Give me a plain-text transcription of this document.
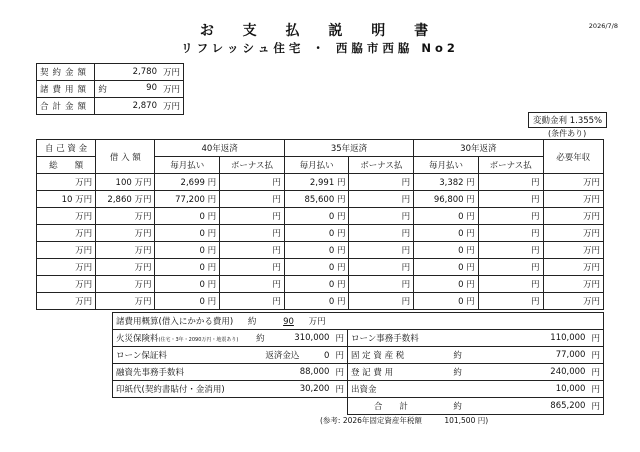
お 支 払 説 明 書
リフレッシュ住宅 ・ 西脇市西脇 No2
2026/7/8
契約金額	2,780	万円
諸費用額	約 90	万円
合計金額	2,870	万円
変動金利 1.355%
(条件あり)
自 己 資 金	借 入 額	40年返済		35年返済		30年返済		必要年収
総　　額		毎月払い	ボーナス払	毎月払い	ボーナス払	毎月払い	ボーナス払	
万円	100 万円	2,699 円	円	2,991 円	円	3,382 円	円	万円
10 万円	2,860 万円	77,200 円	円	85,600 円	円	96,800 円	円	万円
万円	万円	0 円	円	0 円	円	0 円	円	万円
万円	万円	0 円	円	0 円	円	0 円	円	万円
万円	万円	0 円	円	0 円	円	0 円	円	万円
万円	万円	0 円	円	0 円	円	0 円	円	万円
万円	万円	0 円	円	0 円	円	0 円	円	万円
万円	万円	0 円	円	0 円	円	0 円	円	万円
諸費用概算(借入にかかる費用) 約 90 万円							
火災保険料(住宅・3年・2090万円・地震あり)	約	310,000	円	ローン事務手数料		110,000	円
ローン保証料	返済金込 0		円	固 定 資 産 税	約	77,000	円
融資先事務手数料	88,000		円	登 記 費 用	約	240,000	円
印紙代(契約書貼付・金消用)		30,200	円	出資金		10,000	円
				合　　計	約	865,200	円
(参考: 2026年固定資産年税額	101,500 円)
